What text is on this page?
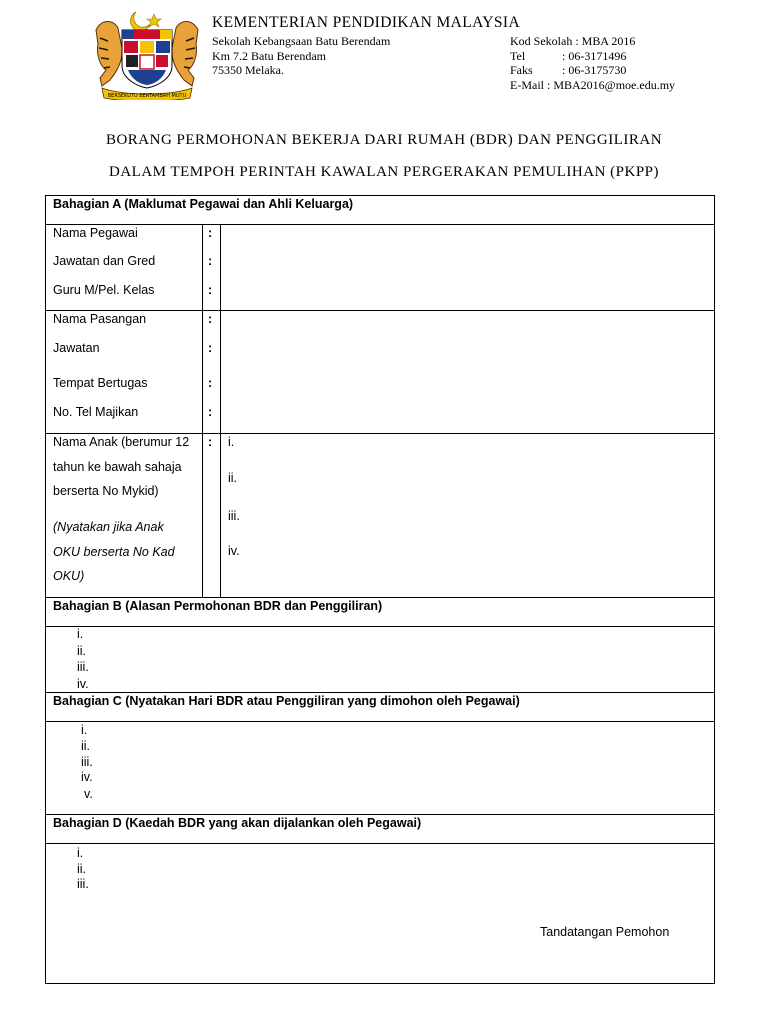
BERSEKUTU BERTAMBAH MUTU
KEMENTERIAN PENDIDIKAN MALAYSIA
Sekolah Kebangsaan Batu Berendam
Km 7.2 Batu Berendam
75350 Melaka.
Kod Sekolah : MBA 2016
Tel	: 06-3171496
Faks	: 06-3175730
E-Mail : MBA2016@moe.edu.my
BORANG PERMOHONAN BEKERJA DARI RUMAH (BDR) DAN PENGGILIRAN
DALAM TEMPOH PERINTAH KAWALAN PERGERAKAN PEMULIHAN (PKPP)
Bahagian A (Maklumat Pegawai dan Ahli Keluarga)
Nama Pegawai
Jawatan dan Gred
Guru M/Pel. Kelas
:
:
:
Nama Pasangan
Jawatan
Tempat Bertugas
No. Tel Majikan
:
:
:
:
Nama Anak (berumur 12
tahun ke bawah sahaja
berserta No Mykid)
(Nyatakan jika Anak
OKU berserta No Kad
OKU)
: i.
ii.
iii.
iv.
Bahagian B (Alasan Permohonan BDR dan Penggiliran)
i.
ii.
iii.
iv.
Bahagian C (Nyatakan Hari BDR atau Penggiliran yang dimohon oleh Pegawai)
i.
ii.
iii.
iv.
v.
Bahagian D (Kaedah BDR yang akan dijalankan oleh Pegawai)
i.
ii.
iii.
Tandatangan Pemohon
